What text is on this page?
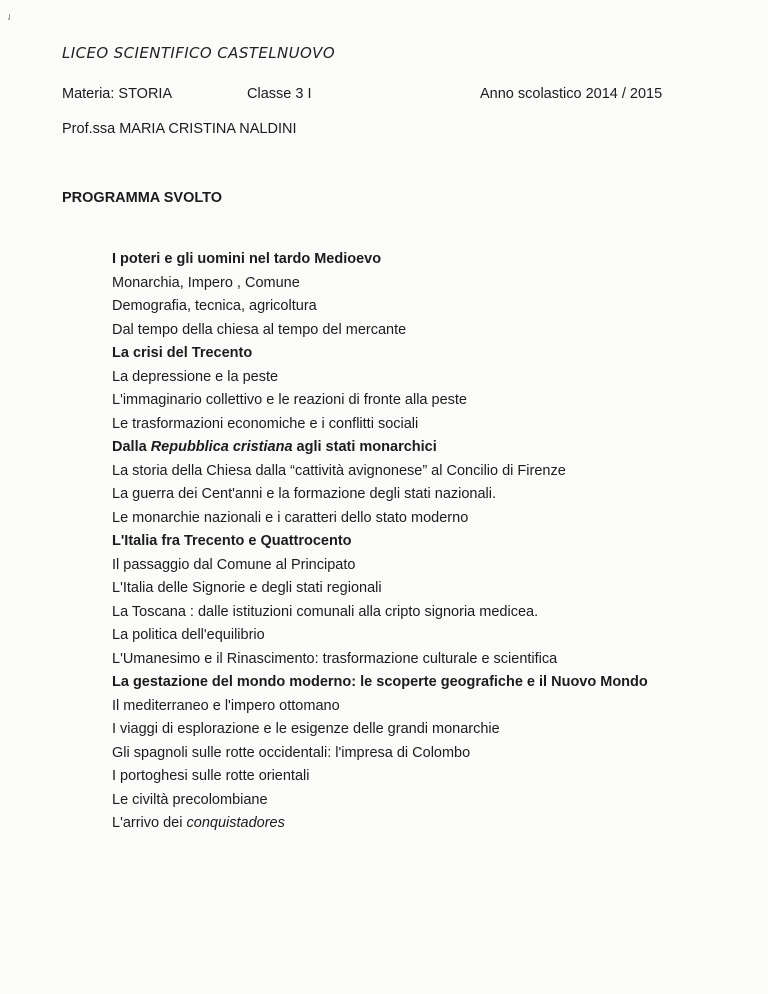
✓
LICEO SCIENTIFICO CASTELNUOVO
Materia: STORIA	Classe 3 I	Anno scolastico 2014 / 2015
Prof.ssa MARIA CRISTINA NALDINI
PROGRAMMA SVOLTO
I poteri e gli uomini nel tardo Medioevo
Monarchia, Impero , Comune
Demografia, tecnica, agricoltura
Dal tempo della chiesa al tempo del mercante
La crisi del Trecento
La depressione e la peste
L'immaginario collettivo e le reazioni di fronte alla peste
Le trasformazioni economiche e i conflitti sociali
Dalla Repubblica cristiana agli stati monarchici
La storia della Chiesa dalla “cattività avignonese” al Concilio di Firenze
La guerra dei Cent'anni e la formazione degli stati nazionali.
Le monarchie nazionali e i caratteri dello stato moderno
L'Italia fra Trecento e Quattrocento
Il passaggio dal Comune al Principato
L'Italia delle Signorie e degli stati regionali
La Toscana : dalle istituzioni comunali alla cripto signoria medicea.
La politica dell'equilibrio
L'Umanesimo e il Rinascimento: trasformazione culturale e scientifica
La gestazione del mondo moderno: le scoperte geografiche e il Nuovo Mondo
Il mediterraneo e l'impero ottomano
I viaggi di esplorazione e le esigenze delle grandi monarchie
Gli spagnoli sulle rotte occidentali: l'impresa di Colombo
I portoghesi sulle rotte orientali
Le civiltà precolombiane
L'arrivo dei conquistadores
